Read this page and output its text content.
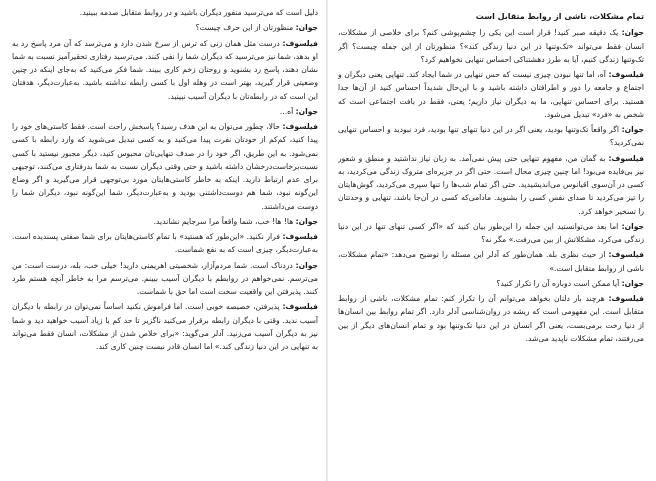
دلیل است که می‌ترسید منفور دیگران باشید و در روابط متقابل صدمه ببینید.

جوان: منظورتان از این حرف چیست؟

فیلسوف: درست مثل همان زنی که ترس از سرخ شدن دارد و می‌ترسد که آن مرد پاسخ رد به او بدهد، شما نیز می‌ترسید که دیگران شما را نفی کنند. می‌ترسید رفتاری تحقیرآمیز نسبت به شما نشان دهند، پاسخ رد بشنوید و روحتان زخم کاری ببیند. شما فکر می‌کنید که به‌جای اینکه در چنین وضعیتی قرار گیرید، بهتر است در وهله اول با کسی رابطه نداشته باشید. به‌عبارت‌دیگر، هدفتان این است که در رابطه‌تان با دیگران آسیب نبینید.

جوان: آه...

فیلسوف: حالا، چطور می‌توان به این هدف رسید؟ پاسخش راحت است. فقط کاستی‌های خود را پیدا کنید، کم‌کم از خودتان نفرت پیدا می‌کنید و به کسی تبدیل می‌شوید که وارد رابطه با کسی نمی‌شود. به این طریق، اگر خود را در صدف تنهایی‌تان محبوس کنید، دیگر مجبور نیستید با کسی نسبت‌برخاست‌درخشان داشته باشید و حتی وقتی دیگران نسبت به شما بدرفتاری می‌کنند، توجیهی برای عدم ارتباط دارید. اینکه به خاطر کاستی‌هایتان مورد بی‌توجهی قرار می‌گیرید و اگر وضاع این‌گونه نبود، شما هم دوست‌داشتنی بودید و به‌عبارت‌دیگر، شما این‌گونه نبود، دیگران شما را دوست می‌داشتند.

جوان: ها! ها! خب، شما واقعاً مرا سرجایم نشاندید.

فیلسوف: فرار نکنید. «این‌طور که هستید» با تمام کاستی‌هایتان برای شما صفتی پسندیده است. به‌عبارت‌دیگر، چیزی است که به نفع شماست.

جوان: دردناک است. شما مردم‌آزار، شخصیتی اهریمنی دارید! خیلی خب، بله، درست است: من می‌ترسم. نمی‌خواهم در روابطم با دیگران آسیب ببینم. می‌ترسم مرا به خاطر آنچه هستم طرد کنند. پذیرفتن این واقعیت سخت است اما حق با شماست.

فیلسوف: پذیرفتن، خصیصه خوبی است. اما فراموش نکنید اساساً نمی‌توان در رابطه با دیگران آسیب ندید. وقتی با دیگران رابطه برقرار می‌کنید ناگزیر تا حد کم یا زیاد آسیب خواهید دید و شما نیز به دیگران آسیب می‌زنید. آدلر می‌گوید: «برای خلاص شدن از مشکلات، انسان فقط می‌تواند به تنهایی در این دنیا زندگی کند.» اما انسان قادر نیست چنین کاری کند.

تمام مشکلات، ناشی از روابط متقابل است

جوان: یک دقیقه صبر کنید! قرار است این یکی را چشم‌پوشی کنم؟ برای خلاصی از مشکلات، انسان فقط می‌تواند «تک‌وتنها در این دنیا زندگی کند»؟ منظورتان از این جمله چیست؟ اگر تک‌وتنها زندگی کنیم، آیا به طرز دهشتناکی احساس تنهایی نخواهیم کرد؟

فیلسوف: آه، اما تنها نبودن چیزی نیست که حس تنهایی در شما ایجاد کند. تنهایی یعنی دیگران و اجتماع و جامعه را دور و اطرافتان داشته باشید و با این‌حال شدیداً احساس کنید از آن‌ها جدا هستید. برای احساس تنهایی، ما به دیگران نیاز داریم؛ یعنی، فقط در بافت اجتماعی است که شخص به «فرد» تبدیل می‌شود.

جوان: اگر واقعاً تک‌وتنها بودید، یعنی اگر در این دنیا تنهای تنها بودید، فرد نبودید و احساس تنهایی نمی‌کردید؟

فیلسوف: به گمان من، مفهوم تنهایی حتی پیش نمی‌آمد. به زبان نیاز نداشتید و منطق و شعور نیز بی‌فایده می‌بود! اما چنین چیزی محال است. حتی اگر در جزیره‌ای متروک زندگی می‌کردید، به کسی در آن‌سوی اقیانوس می‌اندیشیدید. حتی اگر تمام شب‌ها را تنها سپری می‌کردید، گوش‌هایتان را تیز می‌کردید تا صدای نفس کسی را بشنوید. مادامی‌که کسی در آن‌جا باشد، تنهایی و وحدتتان را تسخیر خواهد کرد.

جوان: اما بعد می‌توانستید این جمله را این‌طور بیان کنید که «اگر کسی تنهای تنها در این دنیا زندگی می‌کرد، مشکلاتش از بین می‌رفت.» مگر نه؟

فیلسوف: از حیث نظری بله. همان‌طور که آدلر این مسئله را توضیح می‌دهد: «تمام مشکلات، ناشی از روابط متقابل است.»

جوان: آیا ممکن است دوباره آن را تکرار کنید؟

فیلسوف: هرچند بار دلتان بخواهد می‌توانم آن را تکرار کنم: تمام مشکلات، ناشی از روابط متقابل است. این مفهومی است که ریشه در روان‌شناسی آدلر دارد. اگر تمام روابط بین انسان‌ها از دنیا رخت برمی‌بست، یعنی اگر انسان در این دنیا تک‌وتنها بود و تمام انسان‌های دیگر از بین می‌رفتند، تمام مشکلات ناپدید می‌شد.
